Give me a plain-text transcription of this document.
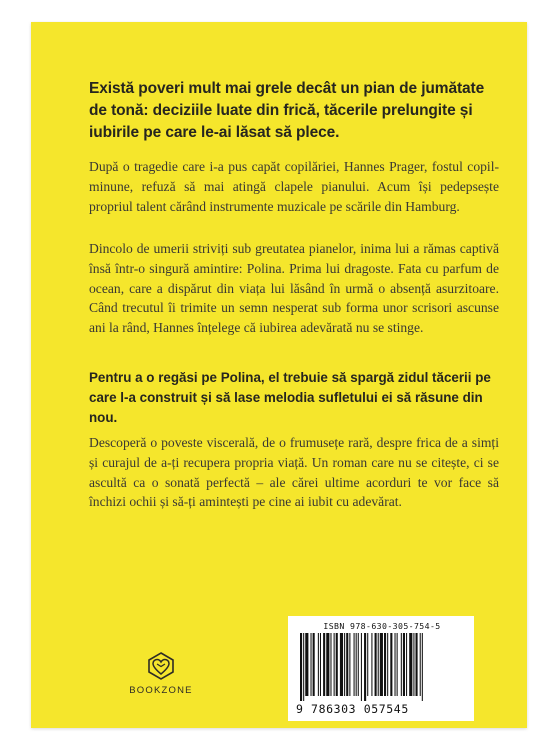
Există poveri mult mai grele decât un pian de jumătate de tonă: deciziile luate din frică, tăcerile prelungite și iubirile pe care le-ai lăsat să plece.

După o tragedie care i-a pus capăt copilăriei, Hannes Prager, fostul copil-minune, refuză să mai atingă clapele pianului. Acum își pedepsește propriul talent cărând instrumente muzicale pe scările din Hamburg.

Dincolo de umerii striviți sub greutatea pianelor, inima lui a rămas captivă însă într-o singură amintire: Polina. Prima lui dragoste. Fata cu parfum de ocean, care a dispărut din viața lui lăsând în urmă o absență asurzitoare. Când trecutul îi trimite un semn nesperat sub forma unor scrisori ascunse ani la rând, Hannes înțelege că iubirea adevărată nu se stinge.

Pentru a o regăsi pe Polina, el trebuie să spargă zidul tăcerii pe care l-a construit și să lase melodia sufletului ei să răsune din nou.

Descoperă o poveste viscerală, de o frumusețe rară, despre frica de a simți și curajul de a-ți recupera propria viață. Un roman care nu se citește, ci se ascultă ca o sonată perfectă – ale cărei ultime acorduri te vor face să închizi ochii și să-ți amintești pe cine ai iubit cu adevărat.

BOOKZONE
ISBN 978-630-305-754-5
9 786303 057545
